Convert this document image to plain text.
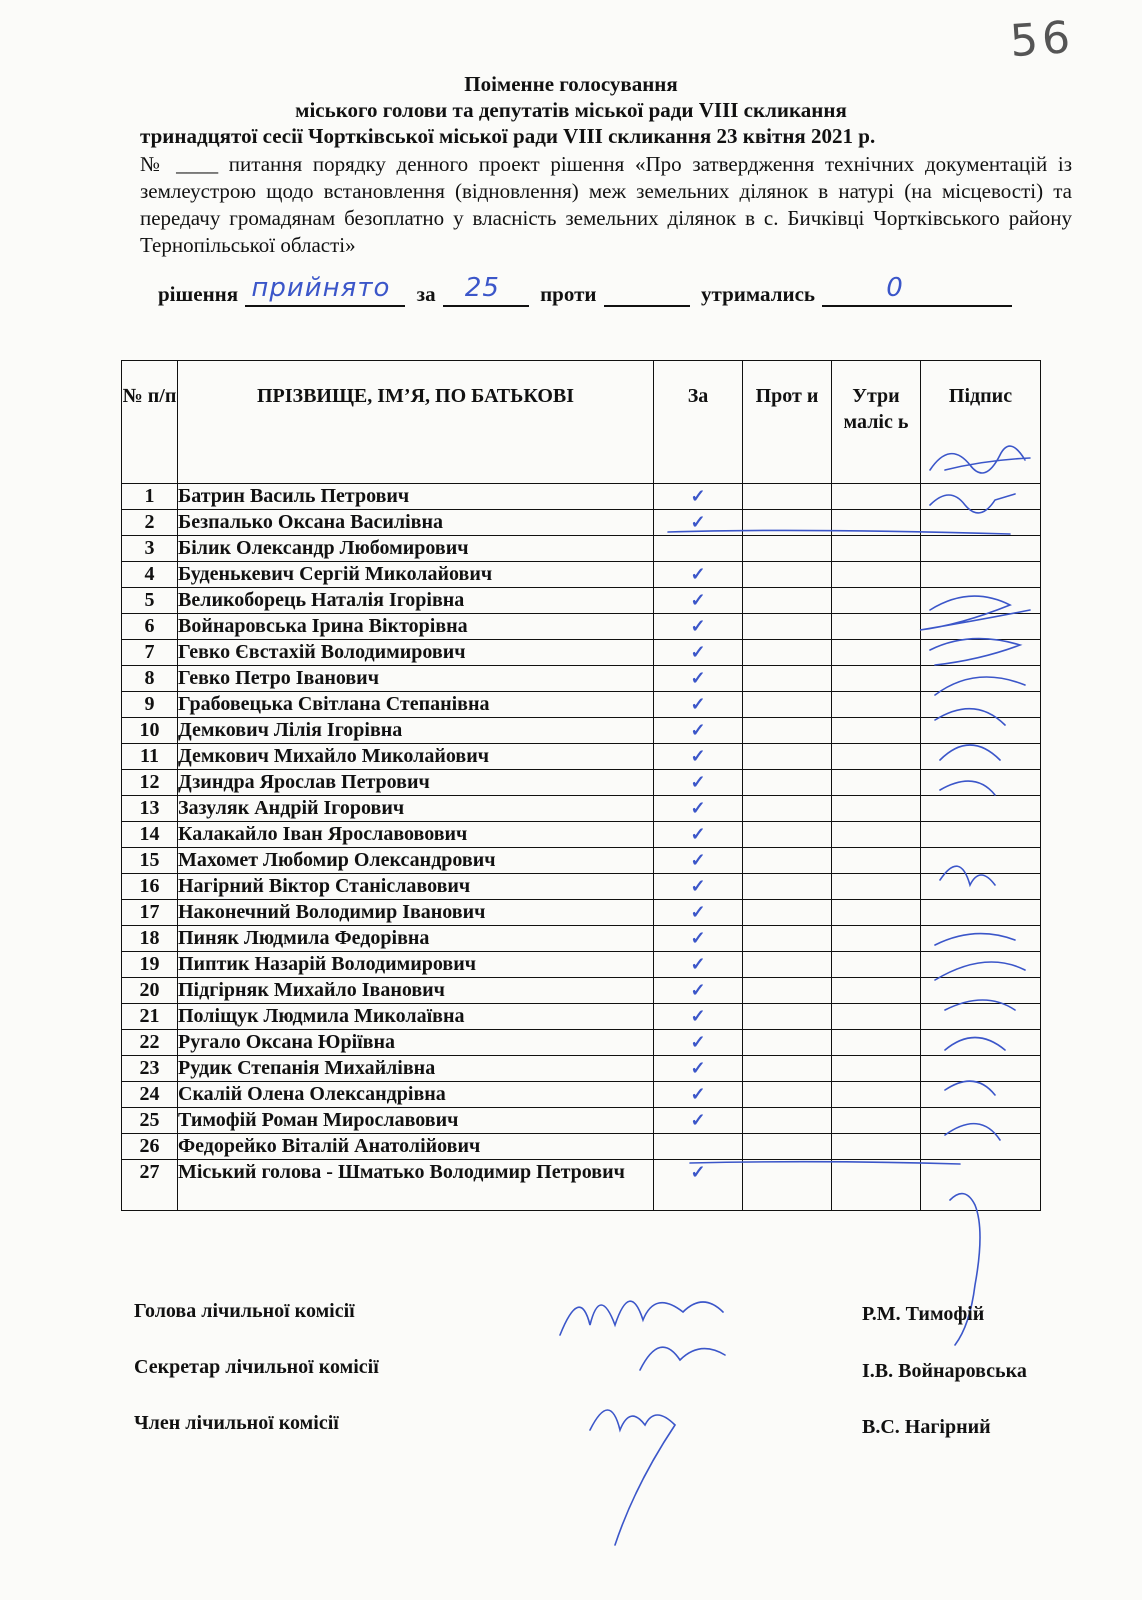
56
Поіменне голосування
міського голови та депутатів міської ради VIII скликання
тринадцятої сесії Чортківської міської ради VIII скликання 23 квітня 2021 р.
№ ____ питання порядку денного проект рішення «Про затвердження технічних документацій із землеустрою щодо встановлення (відновлення) меж земельних ділянок в натурі (на місцевості) та передачу громадянам безоплатно у власність земельних ділянок в с. Бичківці Чортківського району Тернопільської області»
рішення прийнято за 25 проти	утримались	0
№ п/п	ПРІЗВИЩЕ, ІМ’Я, ПО БАТЬКОВІ	За	Прот и	Утри маліс ь	Підпис
1	Батрин Василь Петрович	✓			
2	Безпалько Оксана Василівна	✓			
3	Білик Олександр Любомирович				
4	Буденькевич Сергій Миколайович	✓			
5	Великоборець Наталія Ігорівна	✓			
6	Войнаровська Ірина Вікторівна	✓			
7	Гевко Євстахій Володимирович	✓			
8	Гевко Петро Іванович	✓			
9	Грабовецька Світлана Степанівна	✓			
10	Демкович Лілія Ігорівна	✓			
11	Демкович Михайло Миколайович	✓			
12	Дзиндра Ярослав Петрович	✓			
13	Зазуляк Андрій Ігорович	✓			
14	Калакайло Іван Ярославовович	✓			
15	Махомет Любомир Олександрович	✓			
16	Нагірний Віктор Станіславович	✓			
17	Наконечний Володимир Іванович	✓			
18	Пиняк Людмила Федорівна	✓			
19	Пиптик Назарій Володимирович	✓			
20	Підгірняк Михайло Іванович	✓			
21	Поліщук Людмила Миколаївна	✓			
22	Ругало Оксана Юріївна	✓			
23	Рудик Степанія Михайлівна	✓			
24	Скалій Олена Олександрівна	✓			
25	Тимофій Роман Мирославович	✓			
26	Федорейко Віталій Анатолійович				
27	Міський голова - Шматько Володимир Петрович	✓			
Голова лічильної комісії	Р.М. Тимофій
Секретар лічильної комісії	І.В. Войнаровська
Член лічильної комісії	В.С. Нагірний
